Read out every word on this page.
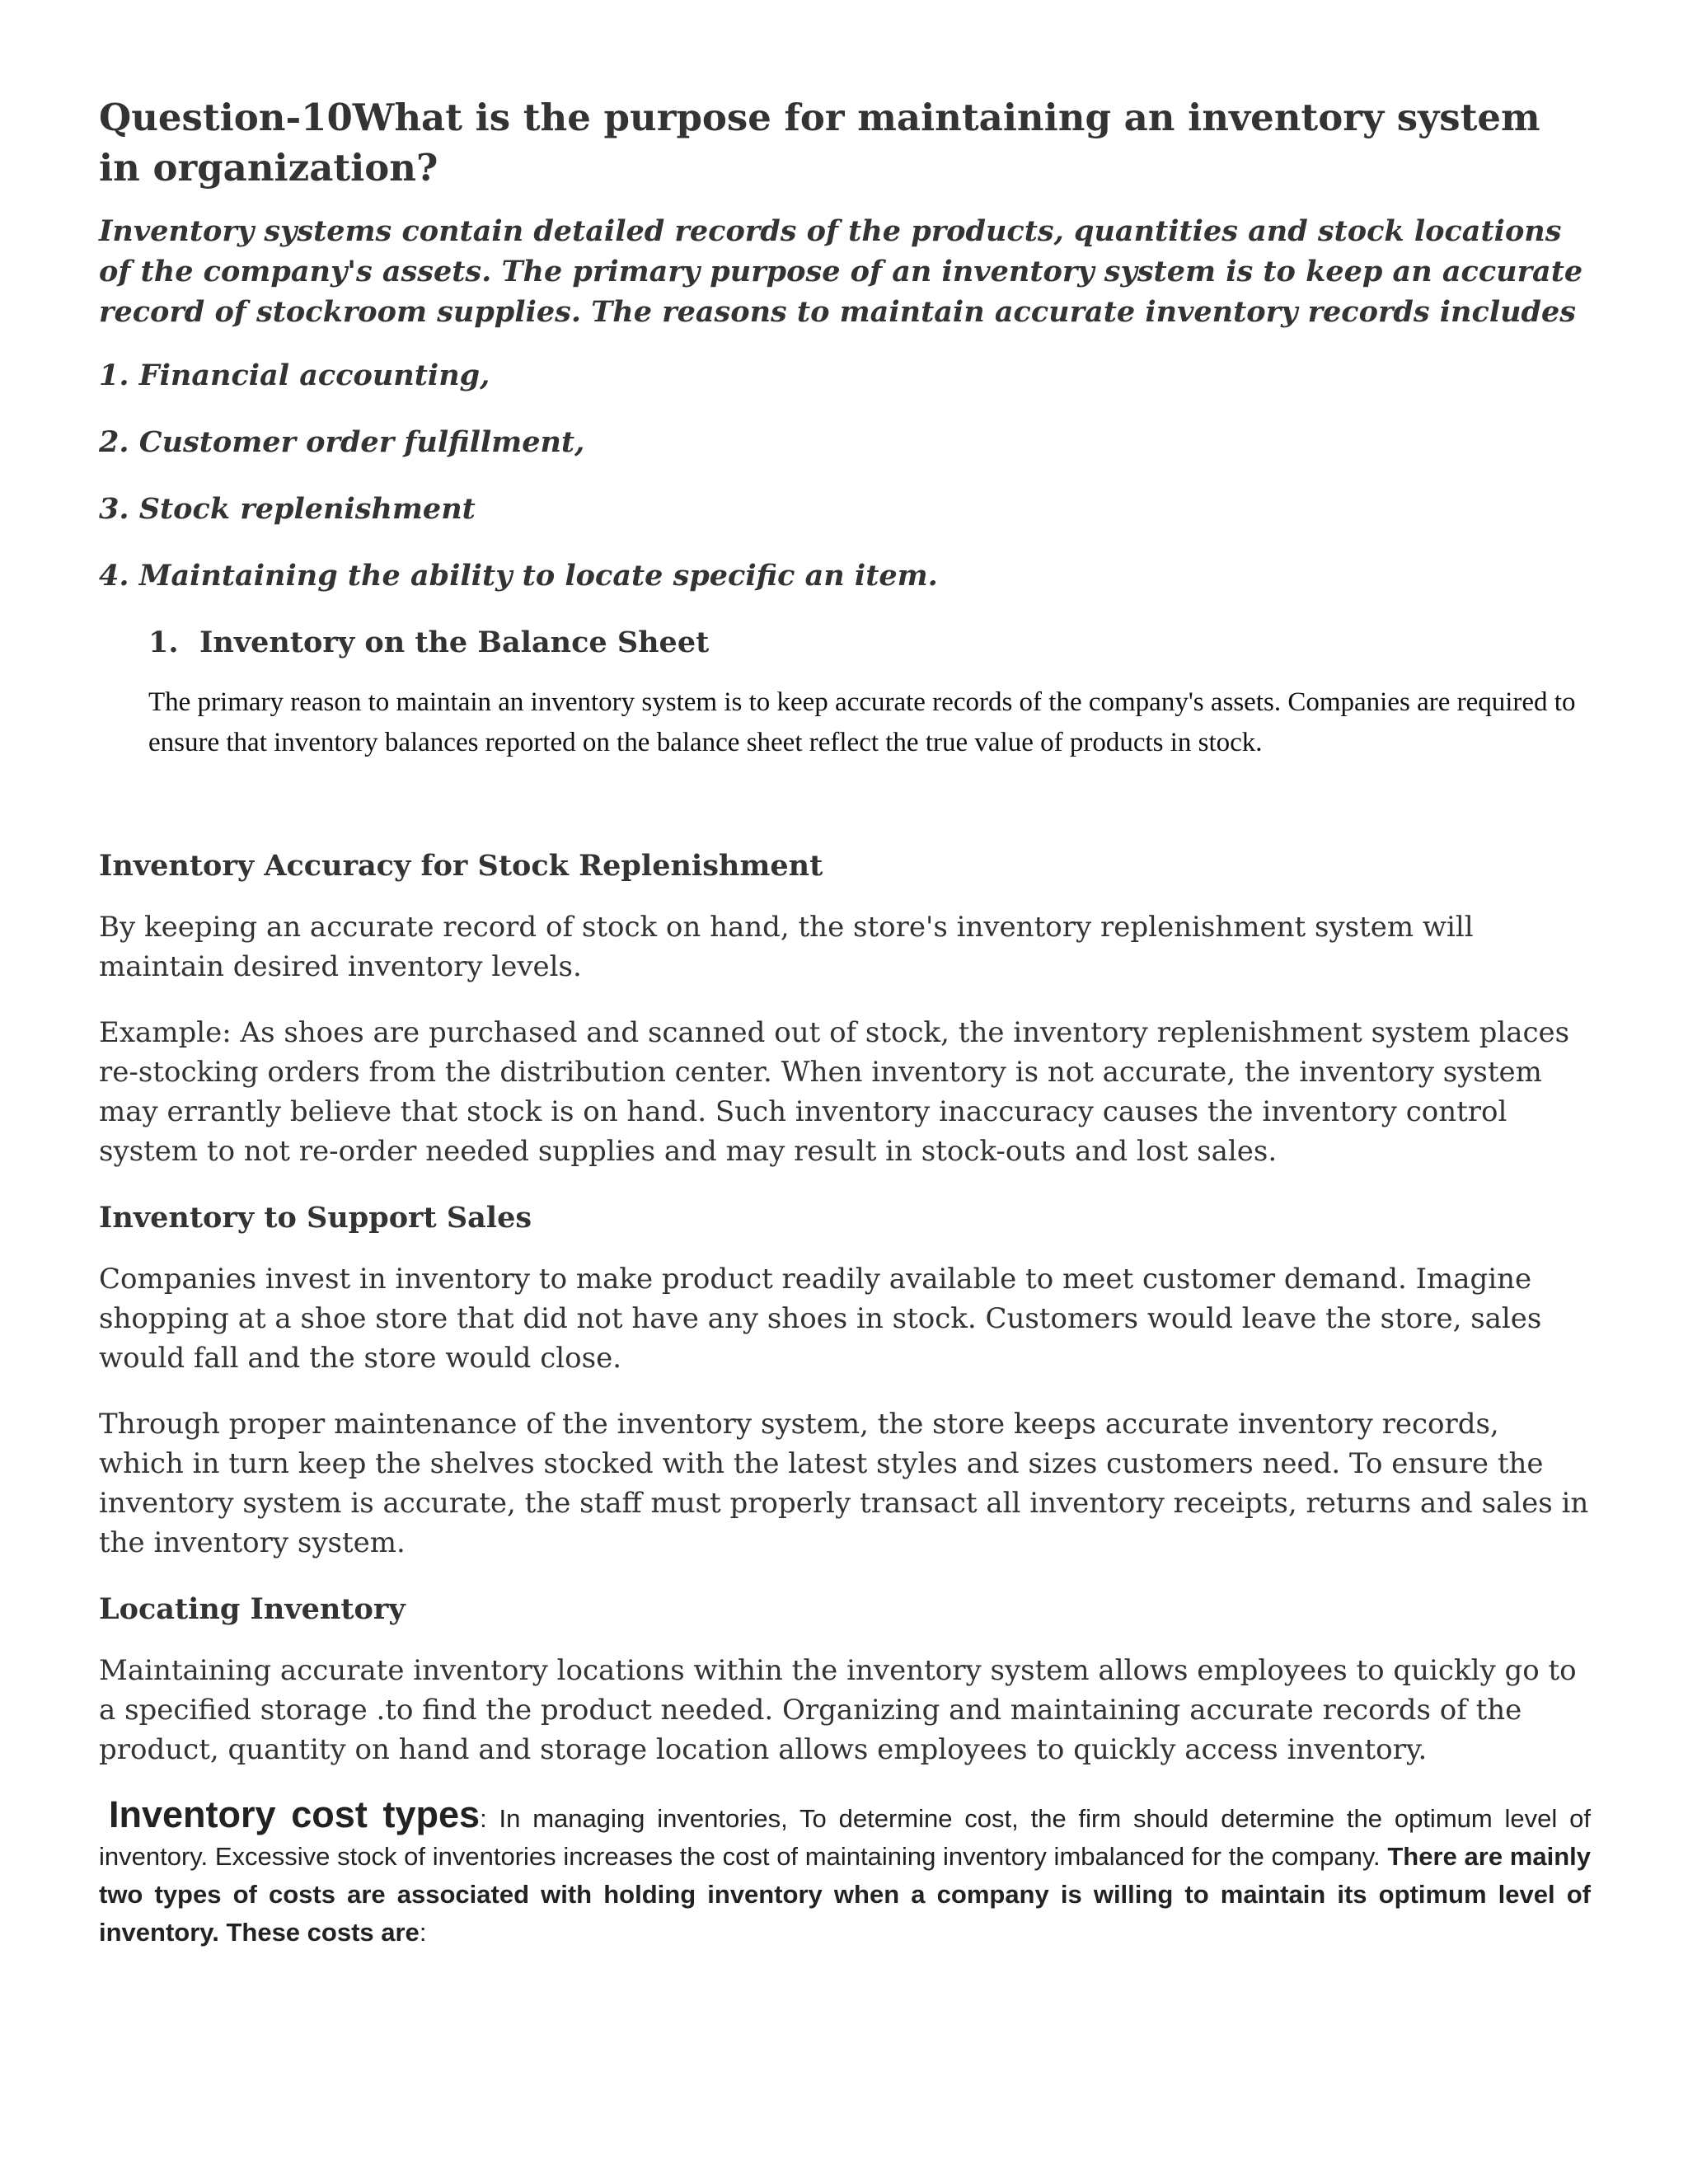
Question-10What is the purpose for maintaining an inventory system in organization?

Inventory systems contain detailed records of the products, quantities and stock locations of the company's assets. The primary purpose of an inventory system is to keep an accurate record of stockroom supplies. The reasons to maintain accurate inventory records includes

1. Financial accounting,

2. Customer order fulfillment,

3. Stock replenishment

4. Maintaining the ability to locate specific an item.

1. Inventory on the Balance Sheet

The primary reason to maintain an inventory system is to keep accurate records of the company's assets. Companies are required to ensure that inventory balances reported on the balance sheet reflect the true value of products in stock.

Inventory Accuracy for Stock Replenishment

By keeping an accurate record of stock on hand, the store's inventory replenishment system will maintain desired inventory levels.

Example: As shoes are purchased and scanned out of stock, the inventory replenishment system places re-stocking orders from the distribution center. When inventory is not accurate, the inventory system may errantly believe that stock is on hand. Such inventory inaccuracy causes the inventory control system to not re-order needed supplies and may result in stock-outs and lost sales.

Inventory to Support Sales

Companies invest in inventory to make product readily available to meet customer demand. Imagine shopping at a shoe store that did not have any shoes in stock. Customers would leave the store, sales would fall and the store would close.

Through proper maintenance of the inventory system, the store keeps accurate inventory records, which in turn keep the shelves stocked with the latest styles and sizes customers need. To ensure the inventory system is accurate, the staff must properly transact all inventory receipts, returns and sales in the inventory system.

Locating Inventory

Maintaining accurate inventory locations within the inventory system allows employees to quickly go to a specified storage .to find the product needed. Organizing and maintaining accurate records of the product, quantity on hand and storage location allows employees to quickly access inventory.

Inventory cost types: In managing inventories, To determine cost, the firm should determine the optimum level of inventory. Excessive stock of inventories increases the cost of maintaining inventory imbalanced for the company. There are mainly two types of costs are associated with holding inventory when a company is willing to maintain its optimum level of inventory. These costs are:
